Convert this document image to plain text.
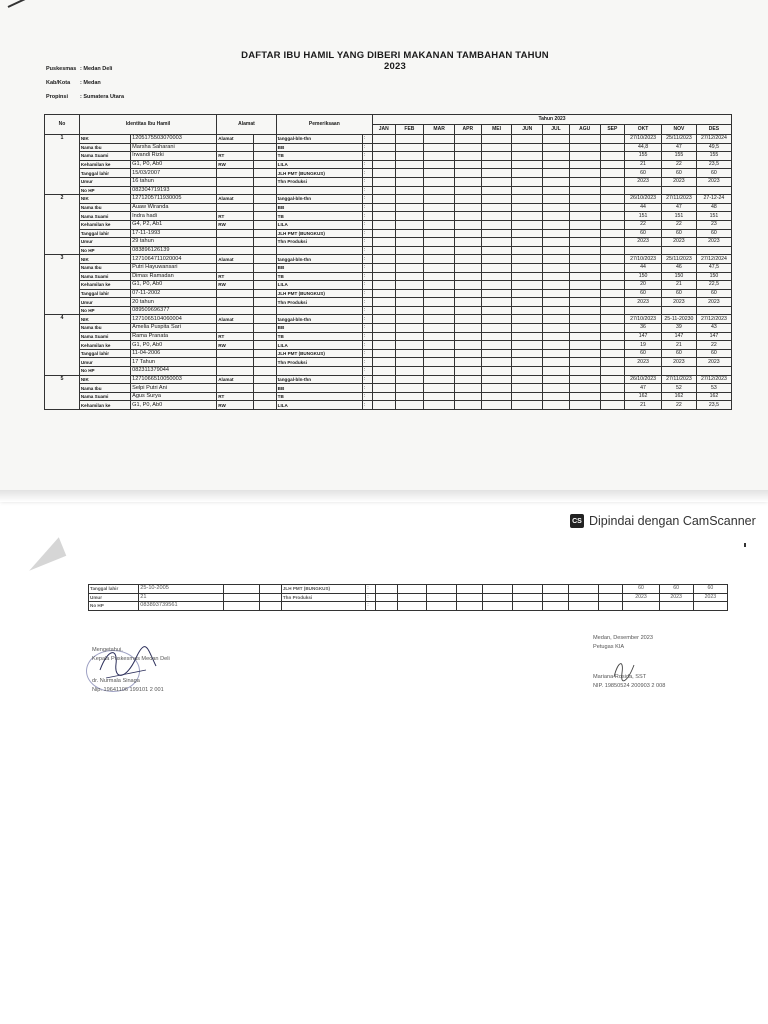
DAFTAR IBU HAMIL YANG DIBERI MAKANAN TAMBAHAN TAHUN 2023
Puskesmas : Medan Deli
Kab/Kota : Medan
Propinsi : Sumatera Utara
No	Identitas Ibu Hamil		Alamat		Pemeriksaan		Tahun 2023											
							JAN	FEB	MAR	APR	MEI	JUN	JUL	AGU	SEP	OKT	NOV	DES
1	NIK	1205175503070003	Alamat		tanggal-bln-thn	:										27/10/2023	25/11/2023	27/12/2024
	Nama Ibu	Marsha Saharani			BB	:										44,8	47	49,5
	Nama Suami	Irwandi Rizki	RT		TB	:										155	155	155
	Kehamilan ke	G1, P0, Ab0	RW		LILA	:										21	22	23,5
	Tanggal lahir	15/03/2007			JLH PMT (BUNGKUS)	:										60	60	60
	Umur	16 tahun			Thn Produksi	:										2023	2023	2023
	No HP	082304719193				:												
2	NIK	1271205711930005	Alamat		tanggal-bln-thn	:										26/10/2023	27/11/2023	27-12-24
	Nama Ibu	Auaw Wiranda			BB	:										44	47	48
	Nama Suami	Indra hadi	RT		TB	:										151	151	151
	Kehamilan ke	G4, P2, Ab1	RW		LILA	:										22	22	23
	Tanggal lahir	17-11-1993			JLH PMT (BUNGKUS)	:										60	60	60
	Umur	29 tahun			Thn Produksi	:										2023	2023	2023
	No HP	083896126139				:												
3	NIK	1271064711020004	Alamat		tanggal-bln-thn	:										27/10/2023	25/11/2023	27/12/2024
	Nama Ibu	Putri Hayuwansari			BB	:										44	46	47,5
	Nama Suami	Dimas Ramadan	RT		TB	:										150	150	150
	Kehamilan ke	G1, P0, Ab0	RW		LILA	:										20	21	22,5
	Tanggal lahir	07-11-2002			JLH PMT (BUNGKUS)	:										60	60	60
	Umur	20 tahun			Thn Produksi	:										2023	2023	2023
	No HP	089509696377				:												
4	NIK	1271065104060004	Alamat		tanggal-bln-thn	:										27/10/2023	25-11-20230	27/12/2023
	Nama Ibu	Amelia Puspita Sari			BB	:										36	39	43
	Nama Suami	Rama Pranata	RT		TB	:										147	147	147
	Kehamilan ke	G1, P0, Ab0	RW		LILA	:										19	21	22
	Tanggal lahir	11-04-2006			JLH PMT (BUNGKUS)	:										60	60	60
	Umur	17 Tahun			Thn Produksi	:										2023	2023	2023
	No HP	082311379044				:												
5	NIK	1271066510050003	Alamat		tanggal-bln-thn	:										26/10/2023	27/11/2023	27/12/2023
	Nama Ibu	Selpi Putri Ani			BB	:										47	52	53
	Nama Suami	Agus Surya	RT		TB	:										162	162	162
	Kehamilan ke	G1, P0, Ab0	RW		LILA	:										21	22	23,5
CS Dipindai dengan CamScanner
Tanggal lahir	25-10-2005			JLH PMT (BUNGKUS)	:										60	60	60
Umur	21			Thn Produksi	:										2023	2023	2023
No HP	083893739561				:												
Mengetahui,
Kepala Puskesmas Medan Deli
dr. Nurmala Sinaga
Nip. 19641106 199101 2 001
Medan, Desember 2023
Petugas KIA
Mariana Rosida, SST
NIP. 19850524 200903 2 008
